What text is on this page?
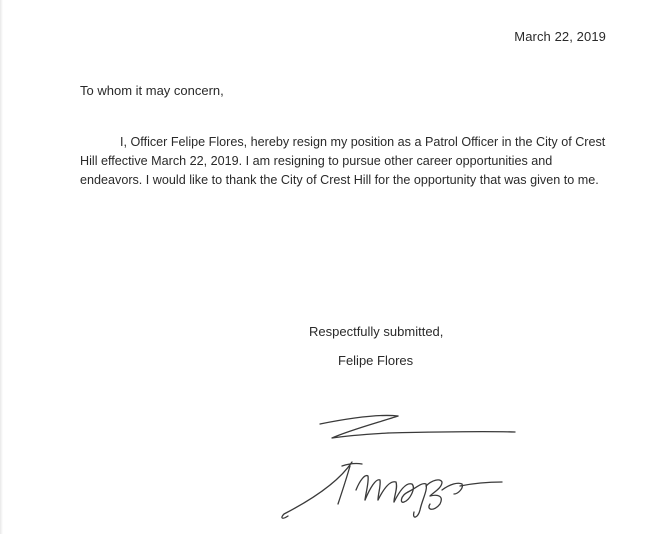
March 22, 2019
To whom it may concern,
I, Officer Felipe Flores, hereby resign my position as a Patrol Officer in the City of Crest Hill effective March 22, 2019. I am resigning to pursue other career opportunities and endeavors. I would like to thank the City of Crest Hill for the opportunity that was given to me.
Respectfully submitted,
Felipe Flores
